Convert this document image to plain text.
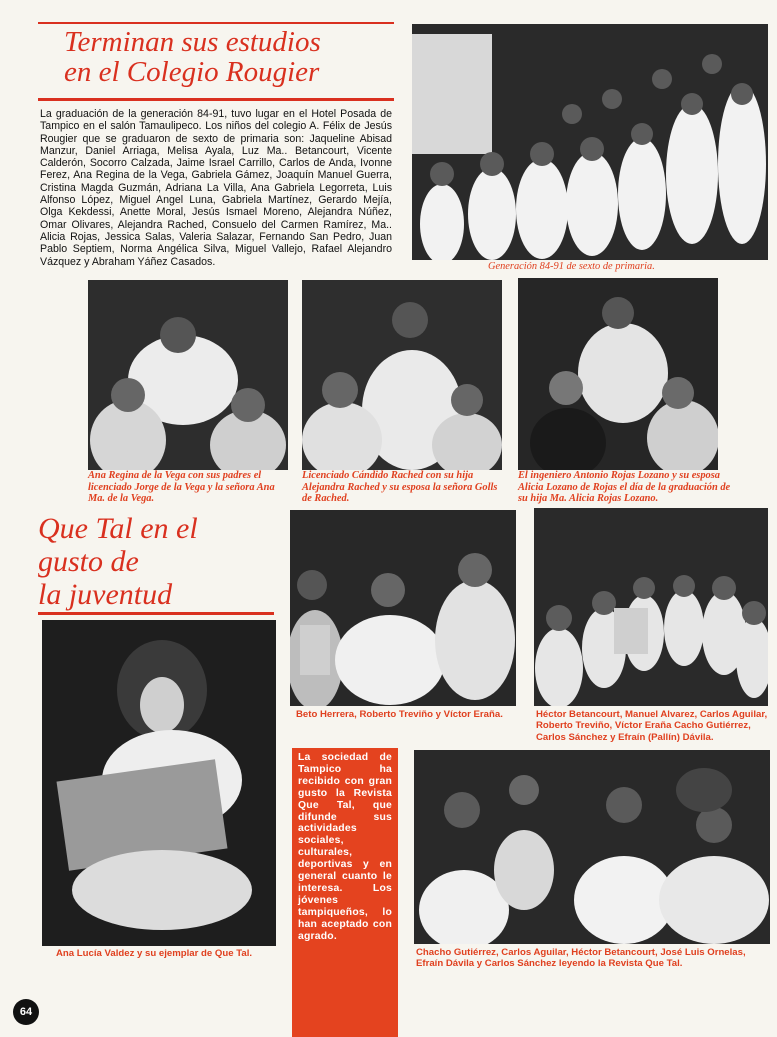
Terminan sus estudios
en el Colegio Rougier
La graduación de la generación 84-91, tuvo lugar en el Hotel Posada de Tampico en el salón Tamaulipeco. Los niños del colegio A. Félix de Jesús Rougier que se graduaron de sexto de primaria son: Jaqueline Abisad Manzur, Daniel Arriaga, Melisa Ayala, Luz Ma.. Betancourt, Vicente Calderón, Socorro Calzada, Jaime Israel Carrillo, Carlos de Anda, Ivonne Ferez, Ana Regina de la Vega, Gabriela Gámez, Joaquín Manuel Guerra, Cristina Magda Guzmán, Adriana La Villa, Ana Gabriela Legorreta, Luis Alfonso López, Miguel Angel Luna, Gabriela Martínez, Gerardo Mejía, Olga Kekdessi, Anette Moral, Jesús Ismael Moreno, Alejandra Núñez, Omar Olivares, Alejandra Rached, Consuelo del Carmen Ramírez, Ma.. Alicia Rojas, Jessica Salas, Valeria Salazar, Fernando San Pedro, Juan Pablo Septiem, Norma Angélica Silva, Miguel Vallejo, Rafael Alejandro Vázquez y Abraham Yáñez Casados.	Generación 84-91 de sexto de primaria.
Ana Regina de la Vega con sus padres el licenciado Jorge de la Vega y la señora Ana Ma. de la Vega.
Licenciado Cándido Rached con su hija Alejandra Rached y su esposa la señora Golls de Rached.
El ingeniero Antonio Rojas Lozano y su esposa Alicia Lozano de Rojas el día de la graduación de su hija Ma. Alicia Rojas Lozano.
Que Tal en el
gusto de
la juventud
Ana Lucía Valdez y su ejemplar de Que Tal.
Beto Herrera, Roberto Treviño y Víctor Eraña.	Héctor Betancourt, Manuel Alvarez, Carlos Aguilar, Roberto Treviño, Víctor Eraña Cacho Gutiérrez, Carlos Sánchez y Efraín (Pallín) Dávila.

La sociedad de Tampico ha recibido con gran gusto la Revista Que Tal, que difunde sus actividades sociales, culturales, deportivas y en general cuanto le interesa. Los jóvenes tampiqueños, lo han aceptado con agrado.

Chacho Gutiérrez, Carlos Aguilar, Héctor Betancourt, José Luis Ornelas, Efraín Dávila y Carlos Sánchez leyendo la Revista Que Tal.
64
